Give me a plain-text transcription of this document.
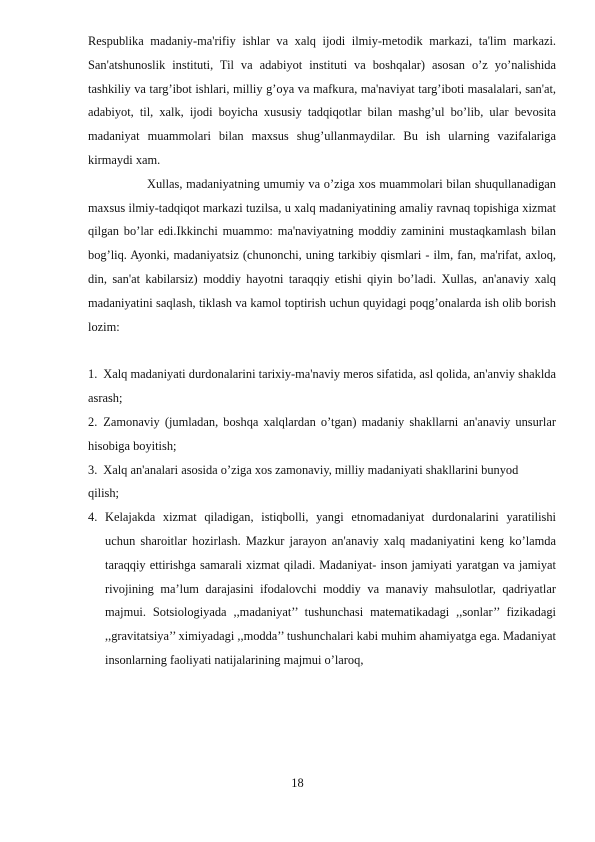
Respublika madaniy-ma'rifiy ishlar va xalq ijodi ilmiy-metodik markazi, ta'lim markazi. San'atshunoslik instituti, Til va adabiyot instituti va boshqalar) asosan o’z yo’nalishida tashkiliy va targ’ibot ishlari, milliy g’oya va mafkura, ma'naviyat targ’iboti masalalari, san'at, adabiyot, til, xalk, ijodi boyicha xususiy tadqiqotlar bilan mashg’ul bo’lib, ular bevosita madaniyat muammolari bilan maxsus shug’ullanmaydilar. Bu ish ularning vazifalariga kirmaydi xam.

Xullas, madaniyatning umumiy va o’ziga xos muammolari bilan shuqullanadigan maxsus ilmiy-tadqiqot markazi tuzilsa, u xalq madaniyatining amaliy ravnaq topishiga xizmat qilgan bo’lar edi.Ikkinchi muammo: ma'naviyatning moddiy zaminini mustaqkamlash bilan bog’liq. Ayonki, madaniyatsiz (chunonchi, uning tarkibiy qismlari - ilm, fan, ma'rifat, axloq, din, san'at kabilarsiz) moddiy hayotni taraqqiy etishi qiyin bo’ladi. Xullas, an'anaviy xalq madaniyatini saqlash, tiklash va kamol toptirish uchun quyidagi poqg’onalarda ish olib borish lozim:

1. Xalq madaniyati durdonalarini tarixiy-ma'naviy meros sifatida, asl qolida, an'anviy shaklda asrash;

2. Zamonaviy (jumladan, boshqa xalqlardan o’tgan) madaniy shakllarni an'anaviy unsurlar hisobiga boyitish;

3. Xalq an'analari asosida o’ziga xos zamonaviy, milliy madaniyati shakllarini bunyod qilish;

4. Kelajakda xizmat qiladigan, istiqbolli, yangi etnomadaniyat durdonalarini yaratilishi uchun sharoitlar hozirlash. Mazkur jarayon an'anaviy xalq madaniyatini keng ko’lamda taraqqiy ettirishga samarali xizmat qiladi. Madaniyat- inson jamiyati yaratgan va jamiyat rivojining ma’lum darajasini ifodalovchi moddiy va manaviy mahsulotlar, qadriyatlar majmui. Sotsiologiyada ,,madaniyat’’ tushunchasi matematikadagi ,,sonlar’’ fizikadagi ,,gravitatsiya’’ ximiyadagi ,,modda’’ tushunchalari kabi muhim ahamiyatga ega. Madaniyat insonlarning faoliyati natijalarining majmui o’laroq,
18
